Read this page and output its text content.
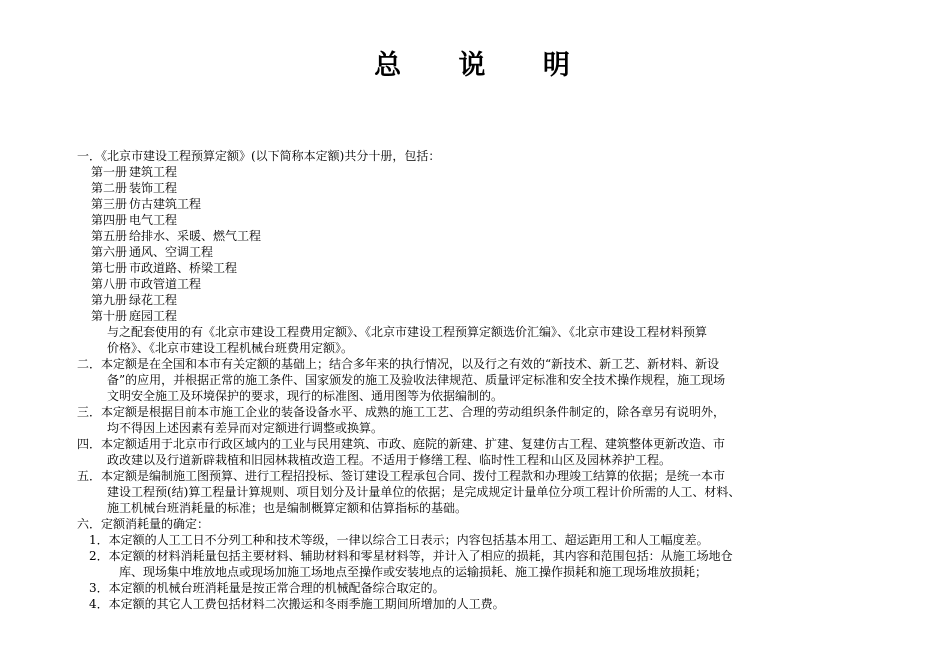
总 说 明
一．《北京市建设工程预算定额》(以下简称本定额)共分十册，包括：
第一册 建筑工程
第二册 装饰工程
第三册 仿古建筑工程
第四册 电气工程
第五册 给排水、采暖、燃气工程
第六册 通风、空调工程
第七册 市政道路、桥梁工程
第八册 市政管道工程
第九册 绿花工程
第十册 庭园工程
与之配套使用的有《北京市建设工程费用定额》、《北京市建设工程预算定额选价汇编》、《北京市建设工程材料预算
价格》、《北京市建设工程机械台班费用定额》。
二．本定额是在全国和本市有关定额的基础上；结合多年来的执行情况，以及行之有效的“新技术、新工艺、新材料、新设
备”的应用，并根据正常的施工条件、国家颁发的施工及验收法律规范、质量评定标准和安全技术操作规程，施工现场
文明安全施工及环境保护的要求，现行的标准图、通用图等为依据编制的。
三．本定额是根据目前本市施工企业的装备设备水平、成熟的施工工艺、合理的劳动组织条件制定的，除各章另有说明外，
均不得因上述因素有差异而对定额进行调整或换算。
四．本定额适用于北京市行政区域内的工业与民用建筑、市政、庭院的新建、扩建、复建仿古工程、建筑整体更新改造、市
政改建以及行道新辟栽植和旧园林栽植改造工程。不适用于修缮工程、临时性工程和山区及园林养护工程。
五．本定额是编制施工图预算、进行工程招投标、签订建设工程承包合同、拨付工程款和办理竣工结算的依据；是统一本市
建设工程预(结)算工程量计算规则、项目划分及计量单位的依据；是完成规定计量单位分项工程计价所需的人工、材料、
施工机械台班消耗量的标准；也是编制概算定额和估算指标的基础。
六．定额消耗量的确定：
1．本定额的人工工日不分列工种和技术等级，一律以综合工日表示；内容包括基本用工、超运距用工和人工幅度差。
2．本定额的材料消耗量包括主要材料、辅助材料和零星材料等，并计入了相应的损耗，其内容和范围包括：从施工场地仓
库、现场集中堆放地点或现场加施工场地点至操作或安装地点的运输损耗、施工操作损耗和施工现场堆放损耗；
3．本定额的机械台班消耗量是按正常合理的机械配备综合取定的。
4．本定额的其它人工费包括材料二次搬运和冬雨季施工期间所增加的人工费。
